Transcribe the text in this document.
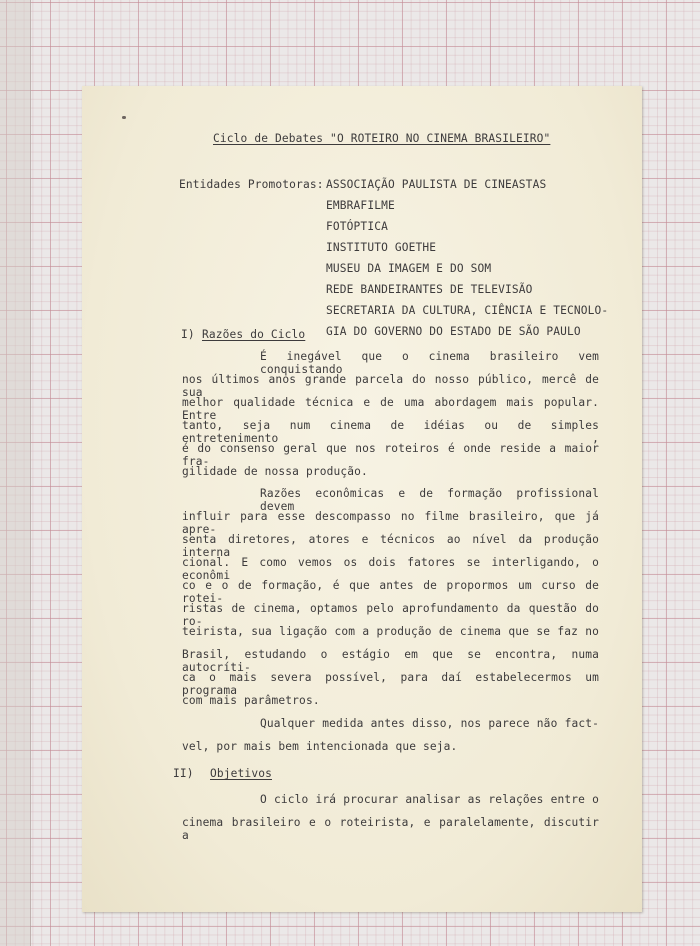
Ciclo de Debates "O ROTEIRO NO CINEMA BRASILEIRO"
Entidades Promotoras: ASSOCIAÇÃO PAULISTA DE CINEASTAS
EMBRAFILME
FOTÓPTICA
INSTITUTO GOETHE
MUSEU DA IMAGEM E DO SOM
REDE BANDEIRANTES DE TELEVISÃO
SECRETARIA DA CULTURA, CIÊNCIA E TECNOLO-
GIA DO GOVERNO DO ESTADO DE SÃO PAULO
I) Razões do Ciclo
É inegável que o cinema brasileiro vem conquistando
nos últimos anos grande parcela do nosso público, mercê de sua
melhor qualidade técnica e de uma abordagem mais popular. Entre
tanto, seja num cinema de idéias ou de simples entretenimento ,
é do consenso geral que nos roteiros é onde reside a maior fra-
gilidade de nossa produção.
Razões econômicas e de formação profissional devem
influir para esse descompasso no filme brasileiro, que já apre-
senta diretores, atores e técnicos ao nível da produção interna
cional. E como vemos os dois fatores se interligando, o econômi
co e o de formação, é que antes de propormos um curso de rotei-
ristas de cinema, optamos pelo aprofundamento da questão do ro-
teirista, sua ligação com a produção de cinema que se faz no
Brasil, estudando o estágio em que se encontra, numa autocríti-
ca o mais severa possível, para daí estabelecermos um programa
com mais parâmetros.
Qualquer medida antes disso, nos parece não fact-
vel, por mais bem intencionada que seja.
II) Objetivos
O ciclo irá procurar analisar as relações entre o
cinema brasileiro e o roteirista, e paralelamente, discutir a
